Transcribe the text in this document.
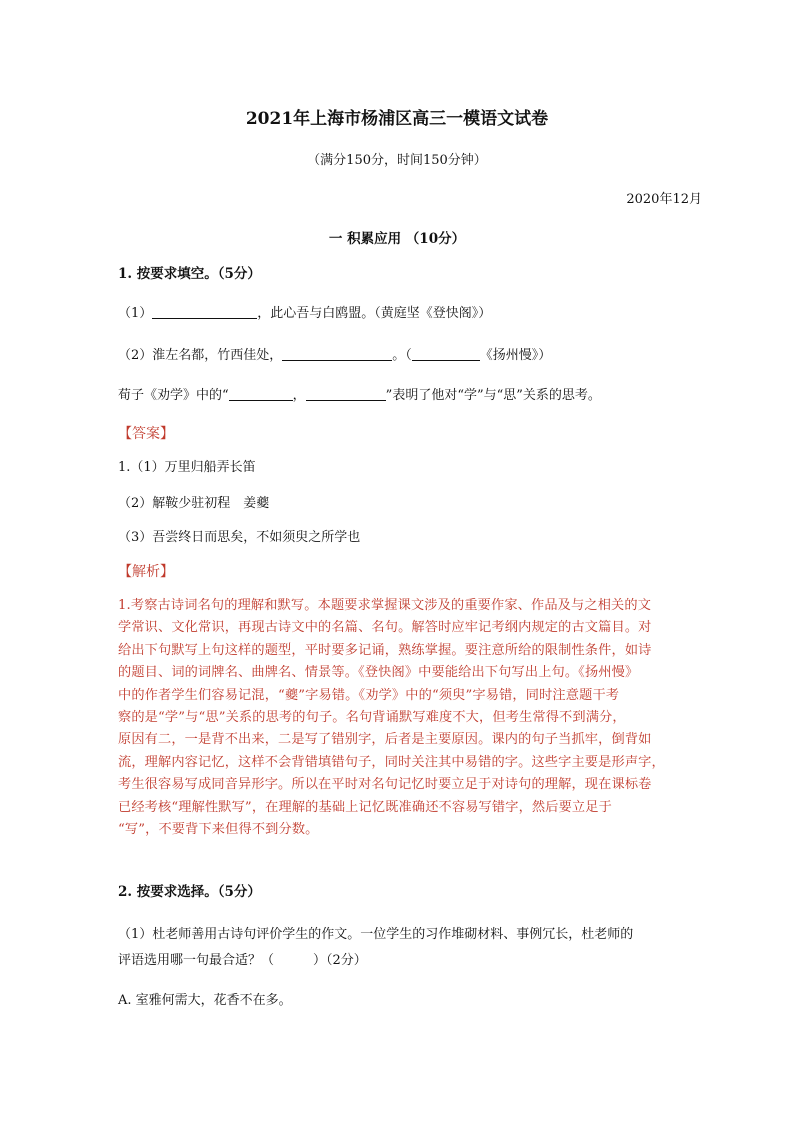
2021年上海市杨浦区高三一模语文试卷
（满分150分，时间150分钟）
2020年12月
一 积累应用 （10分）
1. 按要求填空。（5分）
（1）	，此心吾与白鸥盟。（黄庭坚《登快阁》）
（2）淮左名都，竹西佳处，	。（	《扬州慢》）
荀子《劝学》中的“	，	”表明了他对“学”与“思”关系的思考。
【答案】
1.（1）万里归船弄长笛
（2）解鞍少驻初程　姜夔
（3）吾尝终日而思矣，不如须臾之所学也
【解析】
1.考察古诗词名句的理解和默写。本题要求掌握课文涉及的重要作家、作品及与之相关的文
学常识、文化常识，再现古诗文中的名篇、名句。解答时应牢记考纲内规定的古文篇目。对
给出下句默写上句这样的题型，平时要多记诵，熟练掌握。要注意所给的限制性条件，如诗
的题目、词的词牌名、曲牌名、情景等。《登快阁》中要能给出下句写出上句。《扬州慢》
中的作者学生们容易记混，“夔”字易错。《劝学》中的“须臾”字易错，同时注意题干考
察的是“学”与“思”关系的思考的句子。名句背诵默写难度不大，但考生常得不到满分，
原因有二，一是背不出来，二是写了错别字，后者是主要原因。课内的句子当抓牢，倒背如
流，理解内容记忆，这样不会背错填错句子，同时关注其中易错的字。这些字主要是形声字，
考生很容易写成同音异形字。所以在平时对名句记忆时要立足于对诗句的理解，现在课标卷
已经考核“理解性默写”，在理解的基础上记忆既准确还不容易写错字，然后要立足于
“写”，不要背下来但得不到分数。
2. 按要求选择。（5分）
（1）杜老师善用古诗句评价学生的作文。一位学生的习作堆砌材料、事例冗长，杜老师的
评语选用哪一句最合适？（　　　）（2分）
A. 室雅何需大，花香不在多。
